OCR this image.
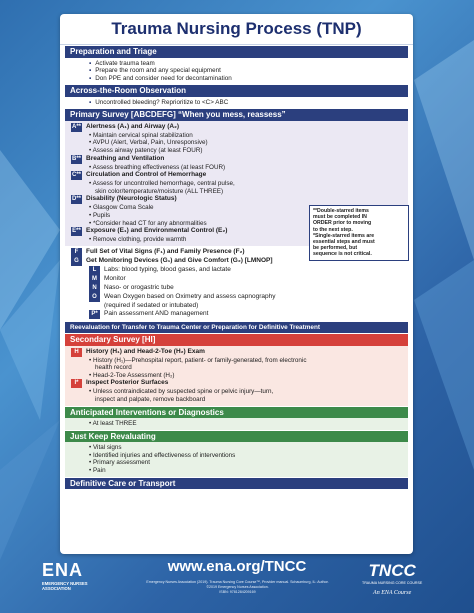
Trauma Nursing Process (TNP)
Preparation and Triage
▪ Activate trauma team
▪ Prepare the room and any special equipment
▪ Don PPE and consider need for decontamination
Across-the-Room Observation
▪ Uncontrolled bleeding? Reprioritize to <C> ABC
Primary Survey [ABCDEFG] “When you mess, reassess”
A** Alertness (A₁) and Airway (A₂)
• Maintain cervical spinal stabilization
• AVPU (Alert, Verbal, Pain, Unresponsive)
• Assess airway patency (at least FOUR)
B** Breathing and Ventilation
• Assess breathing effectiveness (at least FOUR)
C** Circulation and Control of Hemorrhage
• Assess for uncontrolled hemorrhage, central pulse,
skin color/temperature/moisture (ALL THREE)
D** Disability (Neurologic Status)
• Glasgow Coma Scale
• Pupils
• *Consider head CT for any abnormalities
E** Exposure (E₁) and Environmental Control (E₂)
• Remove clothing, provide warmth
F	Full Set of Vital Signs (F₁) and Family Presence (F₂)
G	Get Monitoring Devices (G₁) and Give Comfort (G₂) [LMNOP]
L	Labs: blood typing, blood gases, and lactate
M	Monitor
N	Naso- or orogastric tube
O	Wean Oxygen based on Oximetry and assess capnography
(required if sedated or intubated)
P* Pain assessment AND management
**Double-starred items
must be completed IN
ORDER prior to moving
to the next step.
*Single-starred items are
essential steps and must
be performed, but
sequence is not critical.
Reevaluation for Transfer to Trauma Center or Preparation for Definitive Treatment
Secondary Survey [HI]
H	History (H₁) and Head-2-Toe (H₂) Exam
• History (H₁)—Prehospital report, patient- or family-generated, from electronic
health record
• Head-2-Toe Assessment (H₂)
I*	Inspect Posterior Surfaces
• Unless contraindicated by suspected spine or pelvic injury—turn,
inspect and palpate, remove backboard
Anticipated Interventions or Diagnostics
• At least THREE
Just Keep Revaluating
• Vital signs
• Identified injuries and effectiveness of interventions
• Primary assessment
• Pain
Definitive Care or Transport
ENA
EMERGENCY NURSES
ASSOCIATION
www.ena.org/TNCC
Emergency Nurses Association (2019). Trauma Nursing Core Course™, Provider manual. Schaumburg, IL: Author.
©2019 Emergency Nurses Association.
ISBN: 9781284209169
TNCC
TRAUMA NURSING CORE COURSE
An ENA Course
